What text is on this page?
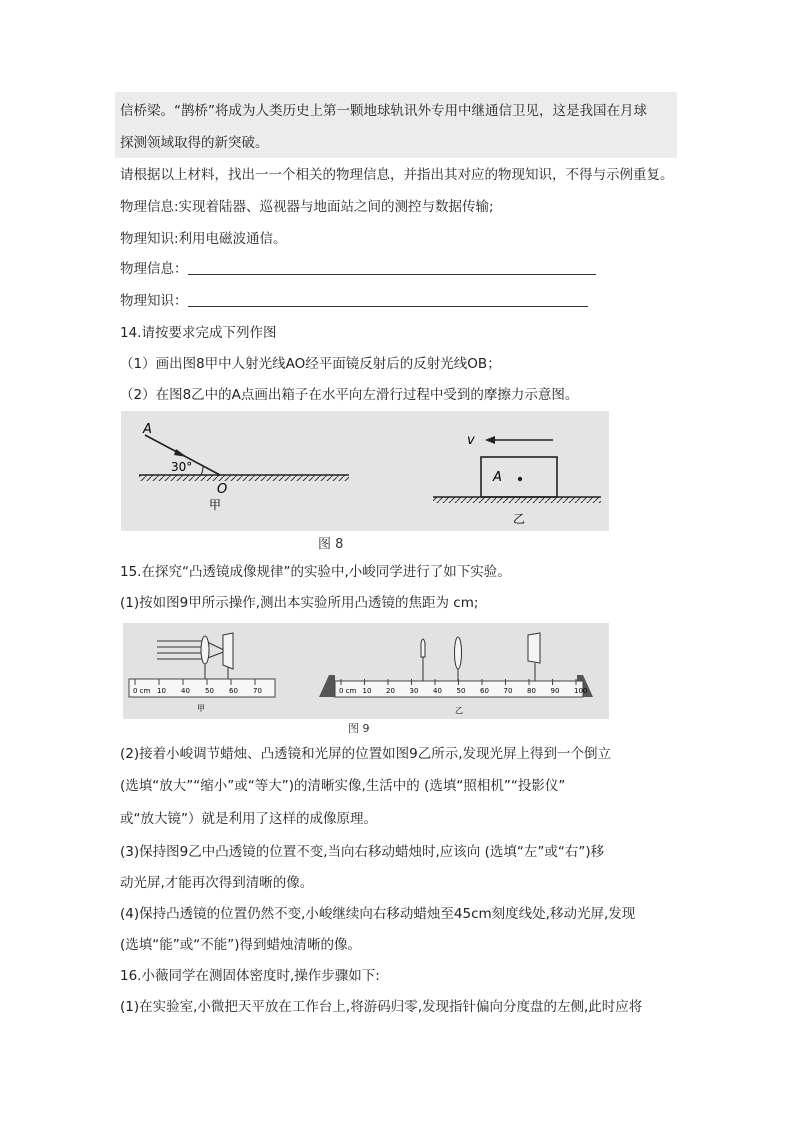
信桥梁。“鹊桥”将成为人类历史上第一颗地球轨讯外专用中继通信卫见，这是我国在月球
探测领域取得的新突破。
请根据以上材料，找出一一个相关的物理信息，并指出其对应的物现知识，不得与示例重复。
物理信息:实现着陆器、巡视器与地面站之间的测控与数据传输;
物理知识:利用电磁波通信。
物理信息：
物理知识：
14.请按要求完成下列作图
（1）画出图8甲中人射光线AO经平面镜反射后的反射光线OB；
（2）在图8乙中的A点画出箱子在水平向左滑行过程中受到的摩擦力示意图。
A
30°
O
甲
A
v
乙
图 8
15.在探究“凸透镜成像规律”的实验中,小峻同学进行了如下实验。
(1)按如图9甲所示操作,测出本实验所用凸透镜的焦距为 cm;
0 cm 10 40 50 60 70
甲
0 cm 10 20 30 40 50 60 70 80 90 100
乙
图 9
(2)接着小峻调节蜡烛、凸透镜和光屏的位置如图9乙所示,发现光屏上得到一个倒立
(选填“放大”“缩小”或“等大”)的清晰实像,生活中的 (选填“照相机”“投影仪”
或“放大镜”）就是利用了这样的成像原理。
(3)保持图9乙中凸透镜的位置不变,当向右移动蜡烛时,应该向 (选填“左”或“右”)移
动光屏,才能再次得到清晰的像。
(4)保持凸透镜的位置仍然不变,小峻继续向右移动蜡烛至45cm刻度线处,移动光屏,发现
(选填“能”或“不能”)得到蜡烛清晰的像。
16.小薇同学在测固体密度时,操作步骤如下:
(1)在实验室,小微把天平放在工作台上,将游码归零,发现指针偏向分度盘的左侧,此时应将
